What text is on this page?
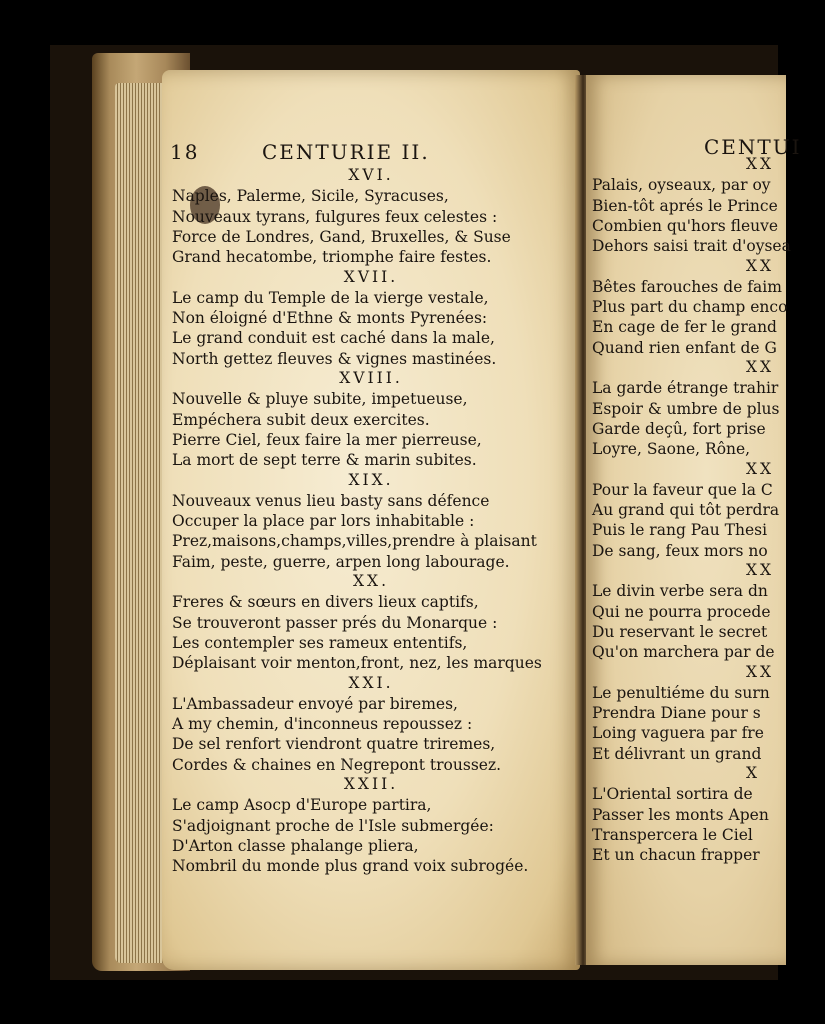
18	CENTURIE II.
XVI.
Naples, Palerme, Sicile, Syracuses,
Nouveaux tyrans, fulgures feux celestes :
Force de Londres, Gand, Bruxelles, & Suse
Grand hecatombe, triomphe faire festes.
XVII.
Le camp du Temple de la vierge vestale,
Non éloigné d'Ethne & monts Pyrenées:
Le grand conduit est caché dans la male,
North gettez fleuves & vignes mastinées.
XVIII.
Nouvelle & pluye subite, impetueuse,
Empéchera subit deux exercites.
Pierre Ciel, feux faire la mer pierreuse,
La mort de sept terre & marin subites.
XIX.
Nouveaux venus lieu basty sans défence
Occuper la place par lors inhabitable :
Prez,maisons,champs,villes,prendre à plaisant
Faim, peste, guerre, arpen long labourage.
XX.
Freres & sœurs en divers lieux captifs,
Se trouveront passer prés du Monarque :
Les contempler ses rameux ententifs,
Déplaisant voir menton,front, nez, les marques
XXI.
L'Ambassadeur envoyé par biremes,
A my chemin, d'inconneus repoussez :
De sel renfort viendront quatre triremes,
Cordes & chaines en Negrepont troussez.
XXII.
Le camp Asocp d'Europe partira,
S'adjoignant proche de l'Isle submergée:
D'Arton classe phalange pliera,
Nombril du monde plus grand voix subrogée.
CENTUI
XX
Palais, oyseaux, par oy
Bien-tôt aprés le Prince
Combien qu'hors fleuve
Dehors saisi trait d'oysea
XX
Bêtes farouches de faim
Plus part du champ enco
En cage de fer le grand
Quand rien enfant de G
XX
La garde étrange trahir
Espoir & umbre de plus
Garde deçû, fort prise
Loyre, Saone, Rône,
XX
Pour la faveur que la C
Au grand qui tôt perdra
Puis le rang Pau Thesi
De sang, feux mors no
XX
Le divin verbe sera dn
Qui ne pourra procede
Du reservant le secret
Qu'on marchera par de
XX
Le penultiéme du surn
Prendra Diane pour s
Loing vaguera par fre
Et délivrant un grand
X
L'Oriental sortira de
Passer les monts Apen
Transpercera le Ciel
Et un chacun frapper
